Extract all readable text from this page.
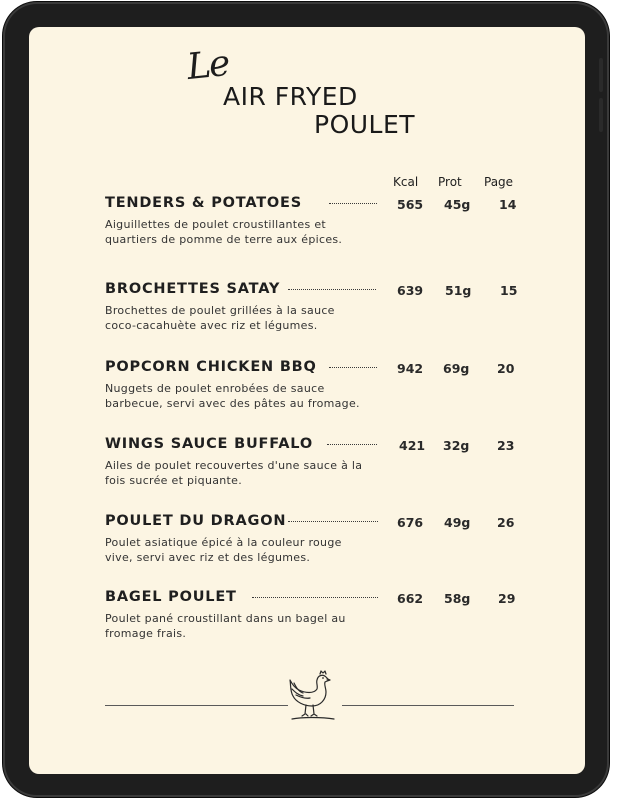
Le
AIR FRYED
POULET
Kcal Prot Page
TENDERS & POTATOES	565 45g 14
Aiguillettes de poulet croustillantes et
quartiers de pomme de terre aux épices.
BROCHETTES SATAY	639 51g 15
Brochettes de poulet grillées à la sauce
coco-cacahuète avec riz et légumes.
POPCORN CHICKEN BBQ	942 69g 20
Nuggets de poulet enrobées de sauce
barbecue, servi avec des pâtes au fromage.
WINGS SAUCE BUFFALO	421 32g 23
Ailes de poulet recouvertes d'une sauce à la
fois sucrée et piquante.
POULET DU DRAGON	676 49g 26
Poulet asiatique épicé à la couleur rouge
vive, servi avec riz et des légumes.
BAGEL POULET	662 58g 29
Poulet pané croustillant dans un bagel au
fromage frais.
